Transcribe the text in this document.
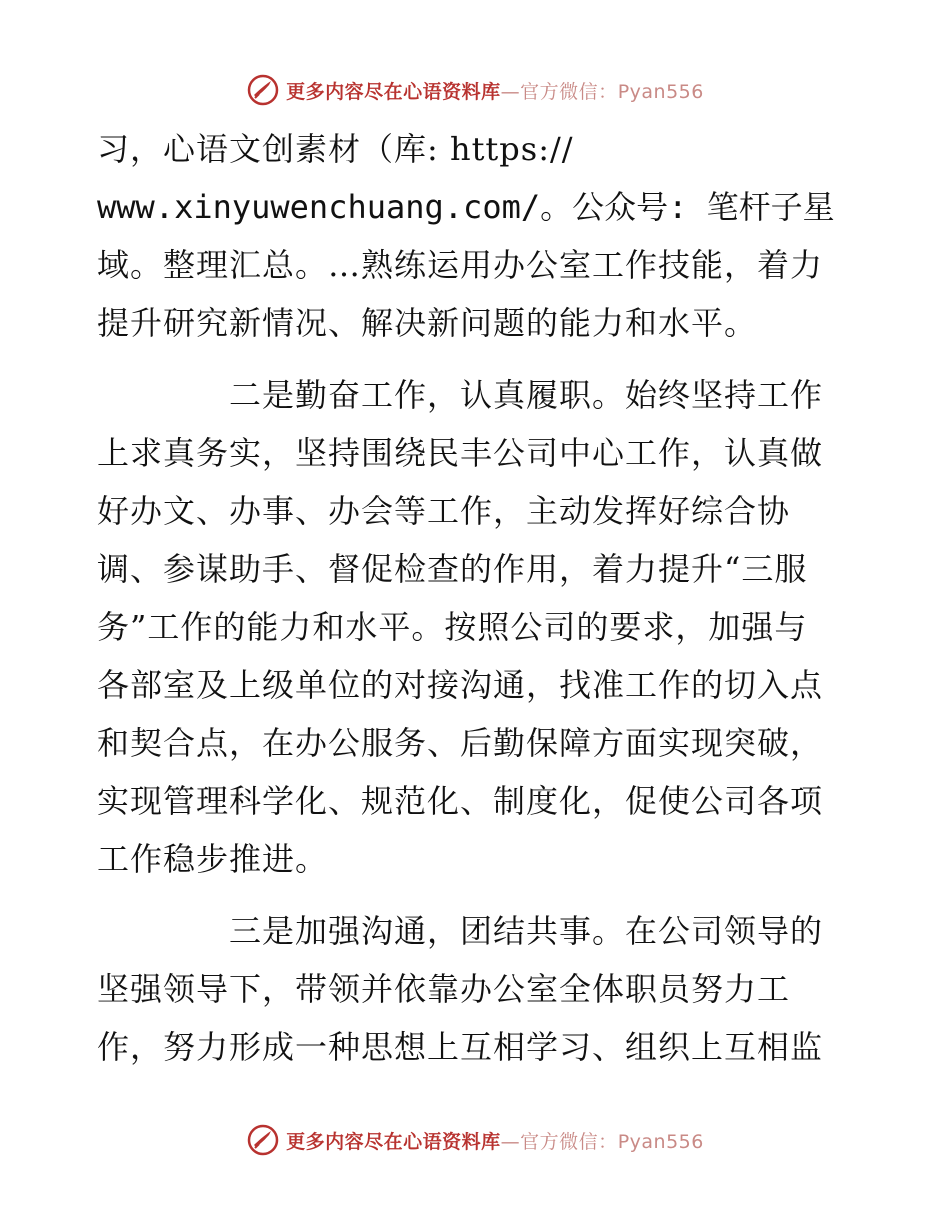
更多内容尽在心语资料库—官方微信：Pyan556
习，心语文创素材（库: https://
www.xinyuwenchuang.com/。公众号: 笔杆子星
域。整理汇总。…熟练运用办公室工作技能，着力
提升研究新情况、解决新问题的能力和水平。
二是勤奋工作，认真履职。始终坚持工作
上求真务实，坚持围绕民丰公司中心工作，认真做
好办文、办事、办会等工作，主动发挥好综合协
调、参谋助手、督促检查的作用，着力提升“三服
务”工作的能力和水平。按照公司的要求，加强与
各部室及上级单位的对接沟通，找准工作的切入点
和契合点，在办公服务、后勤保障方面实现突破，
实现管理科学化、规范化、制度化，促使公司各项
工作稳步推进。
三是加强沟通，团结共事。在公司领导的
坚强领导下，带领并依靠办公室全体职员努力工
作，努力形成一种思想上互相学习、组织上互相监
更多内容尽在心语资料库—官方微信：Pyan556
